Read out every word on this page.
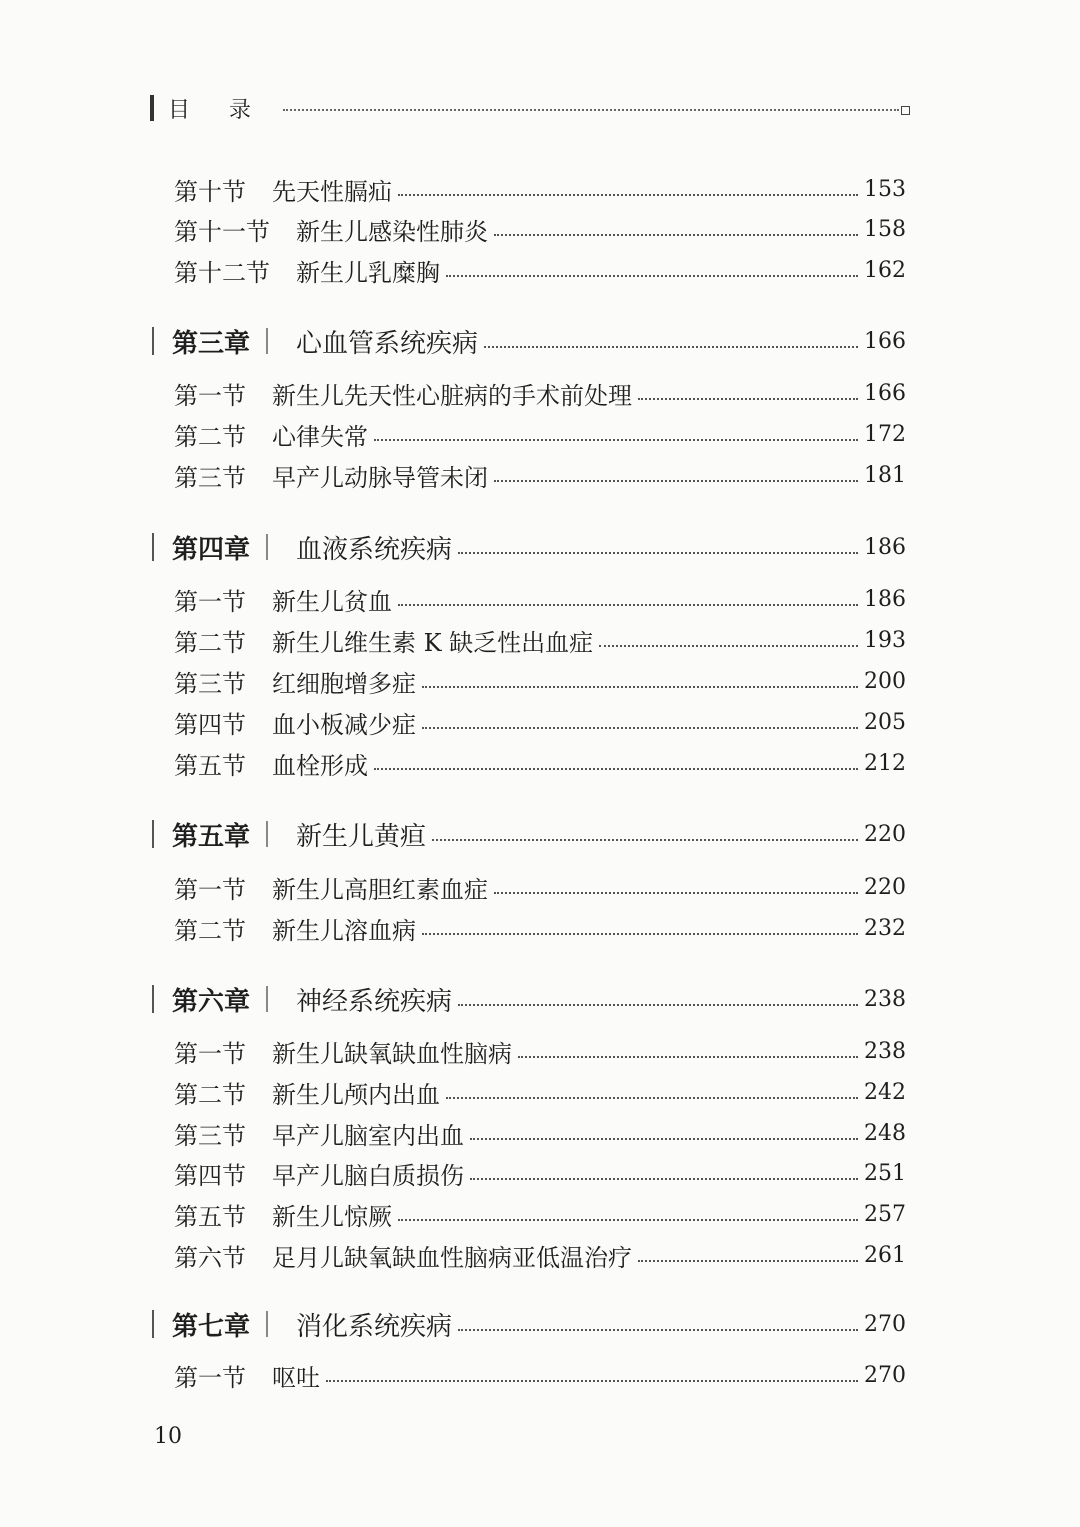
目 录
第十节 先天性膈疝	153
第十一节 新生儿感染性肺炎	158
第十二节 新生儿乳糜胸	162
第三章 心血管系统疾病	166
第一节 新生儿先天性心脏病的手术前处理	166
第二节 心律失常	172
第三节 早产儿动脉导管未闭	181
第四章 血液系统疾病	186
第一节 新生儿贫血	186
第二节 新生儿维生素 K 缺乏性出血症	193
第三节 红细胞增多症	200
第四节 血小板减少症	205
第五节 血栓形成	212
第五章 新生儿黄疸	220
第一节 新生儿高胆红素血症	220
第二节 新生儿溶血病	232
第六章 神经系统疾病	238
第一节 新生儿缺氧缺血性脑病	238
第二节 新生儿颅内出血	242
第三节 早产儿脑室内出血	248
第四节 早产儿脑白质损伤	251
第五节 新生儿惊厥	257
第六节 足月儿缺氧缺血性脑病亚低温治疗	261
第七章 消化系统疾病	270
第一节 呕吐	270
10
